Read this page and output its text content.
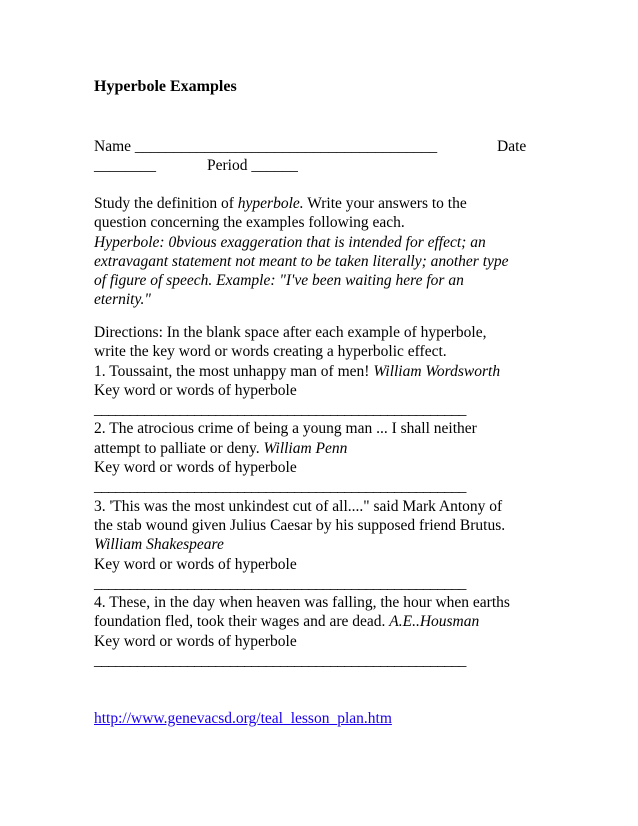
Hyperbole Examples
Name _______________________________________	Date
________	Period ______
Study the definition of hyperbole. Write your answers to the
question concerning the examples following each.
Hyperbole: 0bvious exaggeration that is intended for effect; an
extravagant statement not meant to be taken literally; another type
of figure of speech. Example: "I've been waiting here for an
eternity."
Directions: In the blank space after each example of hyperbole,
write the key word or words creating a hyperbolic effect.
1. Toussaint, the most unhappy man of men! William Wordsworth
Key word or words of hyperbole
____________________________________________________
2. The atrocious crime of being a young man ... I shall neither
attempt to palliate or deny. William Penn
Key word or words of hyperbole
____________________________________________________
3. 'This was the most unkindest cut of all...." said Mark Antony of
the stab wound given Julius Caesar by his supposed friend Brutus.
William Shakespeare
Key word or words of hyperbole
____________________________________________________
4. These, in the day when heaven was falling, the hour when earths
foundation fled, took their wages and are dead. A.E..Housman
Key word or words of hyperbole
____________________________________________________
http://www.genevacsd.org/teal_lesson_plan.htm
